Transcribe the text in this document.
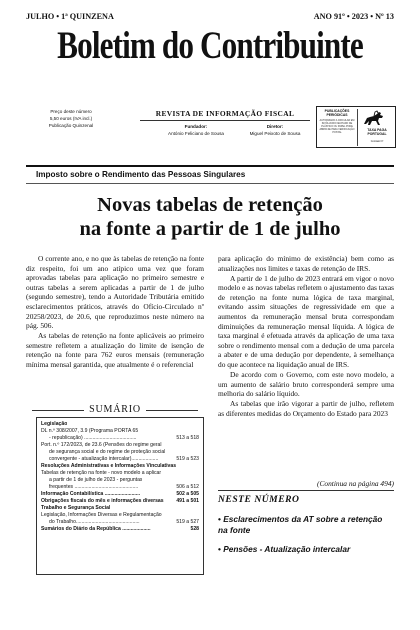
JULHO • 1ª QUINZENA	ANO 91º • 2023 • Nº 13
Boletim do Contribuinte
Preço deste número
5,50 euros (IVA incl.)
Publicação Quinzenal
REVISTA DE INFORMAÇÃO FISCAL
Fundador:
António Feliciano de Sousa
Diretor:
Miguel Peixoto de Sousa
PUBLICAÇÕES PERIÓDICAS
AUTORIZADO A CIRCULAR EM INVÓLUCRO FECHADO DE PLÁSTICO OU PAPEL PODE ABRIR-SE PARA VERIFICAÇÃO POSTAL
TAXA PAGA PORTUGAL
Contrato Nº
Imposto sobre o Rendimento das Pessoas Singulares
Novas tabelas de retenção
na fonte a partir de 1 de julho

O corrente ano, e no que às tabelas de retenção na fonte diz respeito, foi um ano atípico uma vez que foram aprovadas tabelas para aplicação no primeiro semestre e outras tabelas a serem aplicadas a partir de 1 de julho (segundo semestre), tendo a Autoridade Tributária emitido esclarecimentos práticos, através do Ofício-Circulado nº 20258/2023, de 20.6, que reproduzimos neste número na pág. 506.

As tabelas de retenção na fonte aplicáveis ao primeiro semestre refletem a atualização do limite de isenção de retenção na fonte para 762 euros mensais (remuneração mínima mensal garantida, que atualmente é o referencial

para aplicação do mínimo de existência) bem como as atualizações nos limites e taxas de retenção de IRS.

A partir de 1 de julho de 2023 entrará em vigor o novo modelo e as novas tabelas refletem o ajustamento das taxas de retenção na fonte numa lógica de taxa marginal, evitando assim situações de regressividade em que a aumentos da remuneração mensal bruta correspondam diminuições da remuneração mensal líquida. A lógica de taxa marginal é efetuada através da aplicação de uma taxa sobre o rendimento mensal com a dedução de uma parcela a abater e de uma dedução por dependente, à semelhança do que acontece na liquidação anual de IRS.

De acordo com o Governo, com este novo modelo, a um aumento de salário bruto corresponderá sempre uma melhoria do salário líquido.

As tabelas que irão vigorar a partir de julho, refletem as diferentes medidas do Orçamento do Estado para 2023

(Continua na página 494)
SUMÁRIO
Legislação
DL n.º 308/2007, 3.9 (Programa PORTA 65
- republicação) .....................................	513 a 518
Port. n.º 172/2023, de 23.6 (Pensões do regime geral
de segurança social e do regime de proteção social
convergente - atualização intercalar)...................	519 a 523
Resoluções Administrativas e Informações Vinculativas
Tabelas de retenção na fonte - novo modelo a aplicar
a partir de 1 de julho de 2023 - perguntas
frequentes .............................................	506 a 512
Informação Contabilística .........................	502 a 505
Obrigações fiscais do mês e informações diversas	491 a 501
Trabalho e Segurança Social
Legislação, Informações Diversas e Regulamentação
do Trabalho.............................................	519 a 527
Sumários do Diário da República ....................	528
NESTE NÚMERO
• Esclarecimentos da AT sobre a retenção na fonte
• Pensões - Atualização intercalar
